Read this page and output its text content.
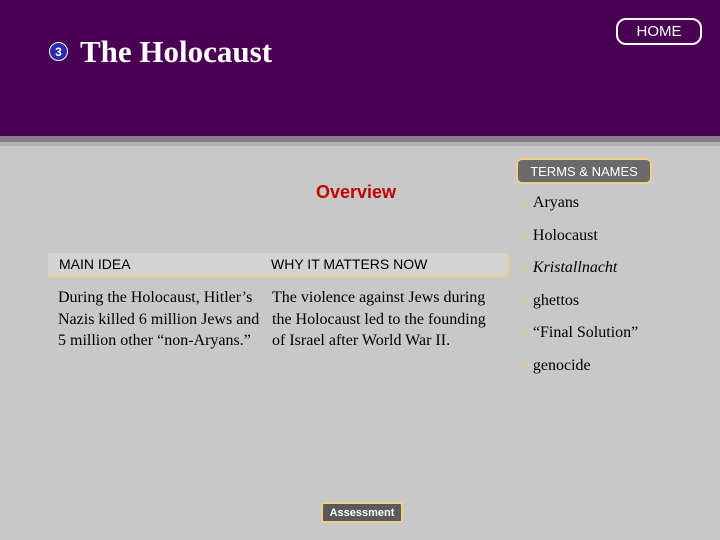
3 The Holocaust
HOME
Overview
TERMS & NAMES
• Aryans
• Holocaust
• Kristallnacht
• ghettos
• “Final Solution”
• genocide
MAIN IDEA	WHY IT MATTERS NOW
During the Holocaust, Hitler’s Nazis killed 6 million Jews and 5 million other “non-Aryans.”
The violence against Jews during the Holocaust led to the founding of Israel after World War II.
Assessment
